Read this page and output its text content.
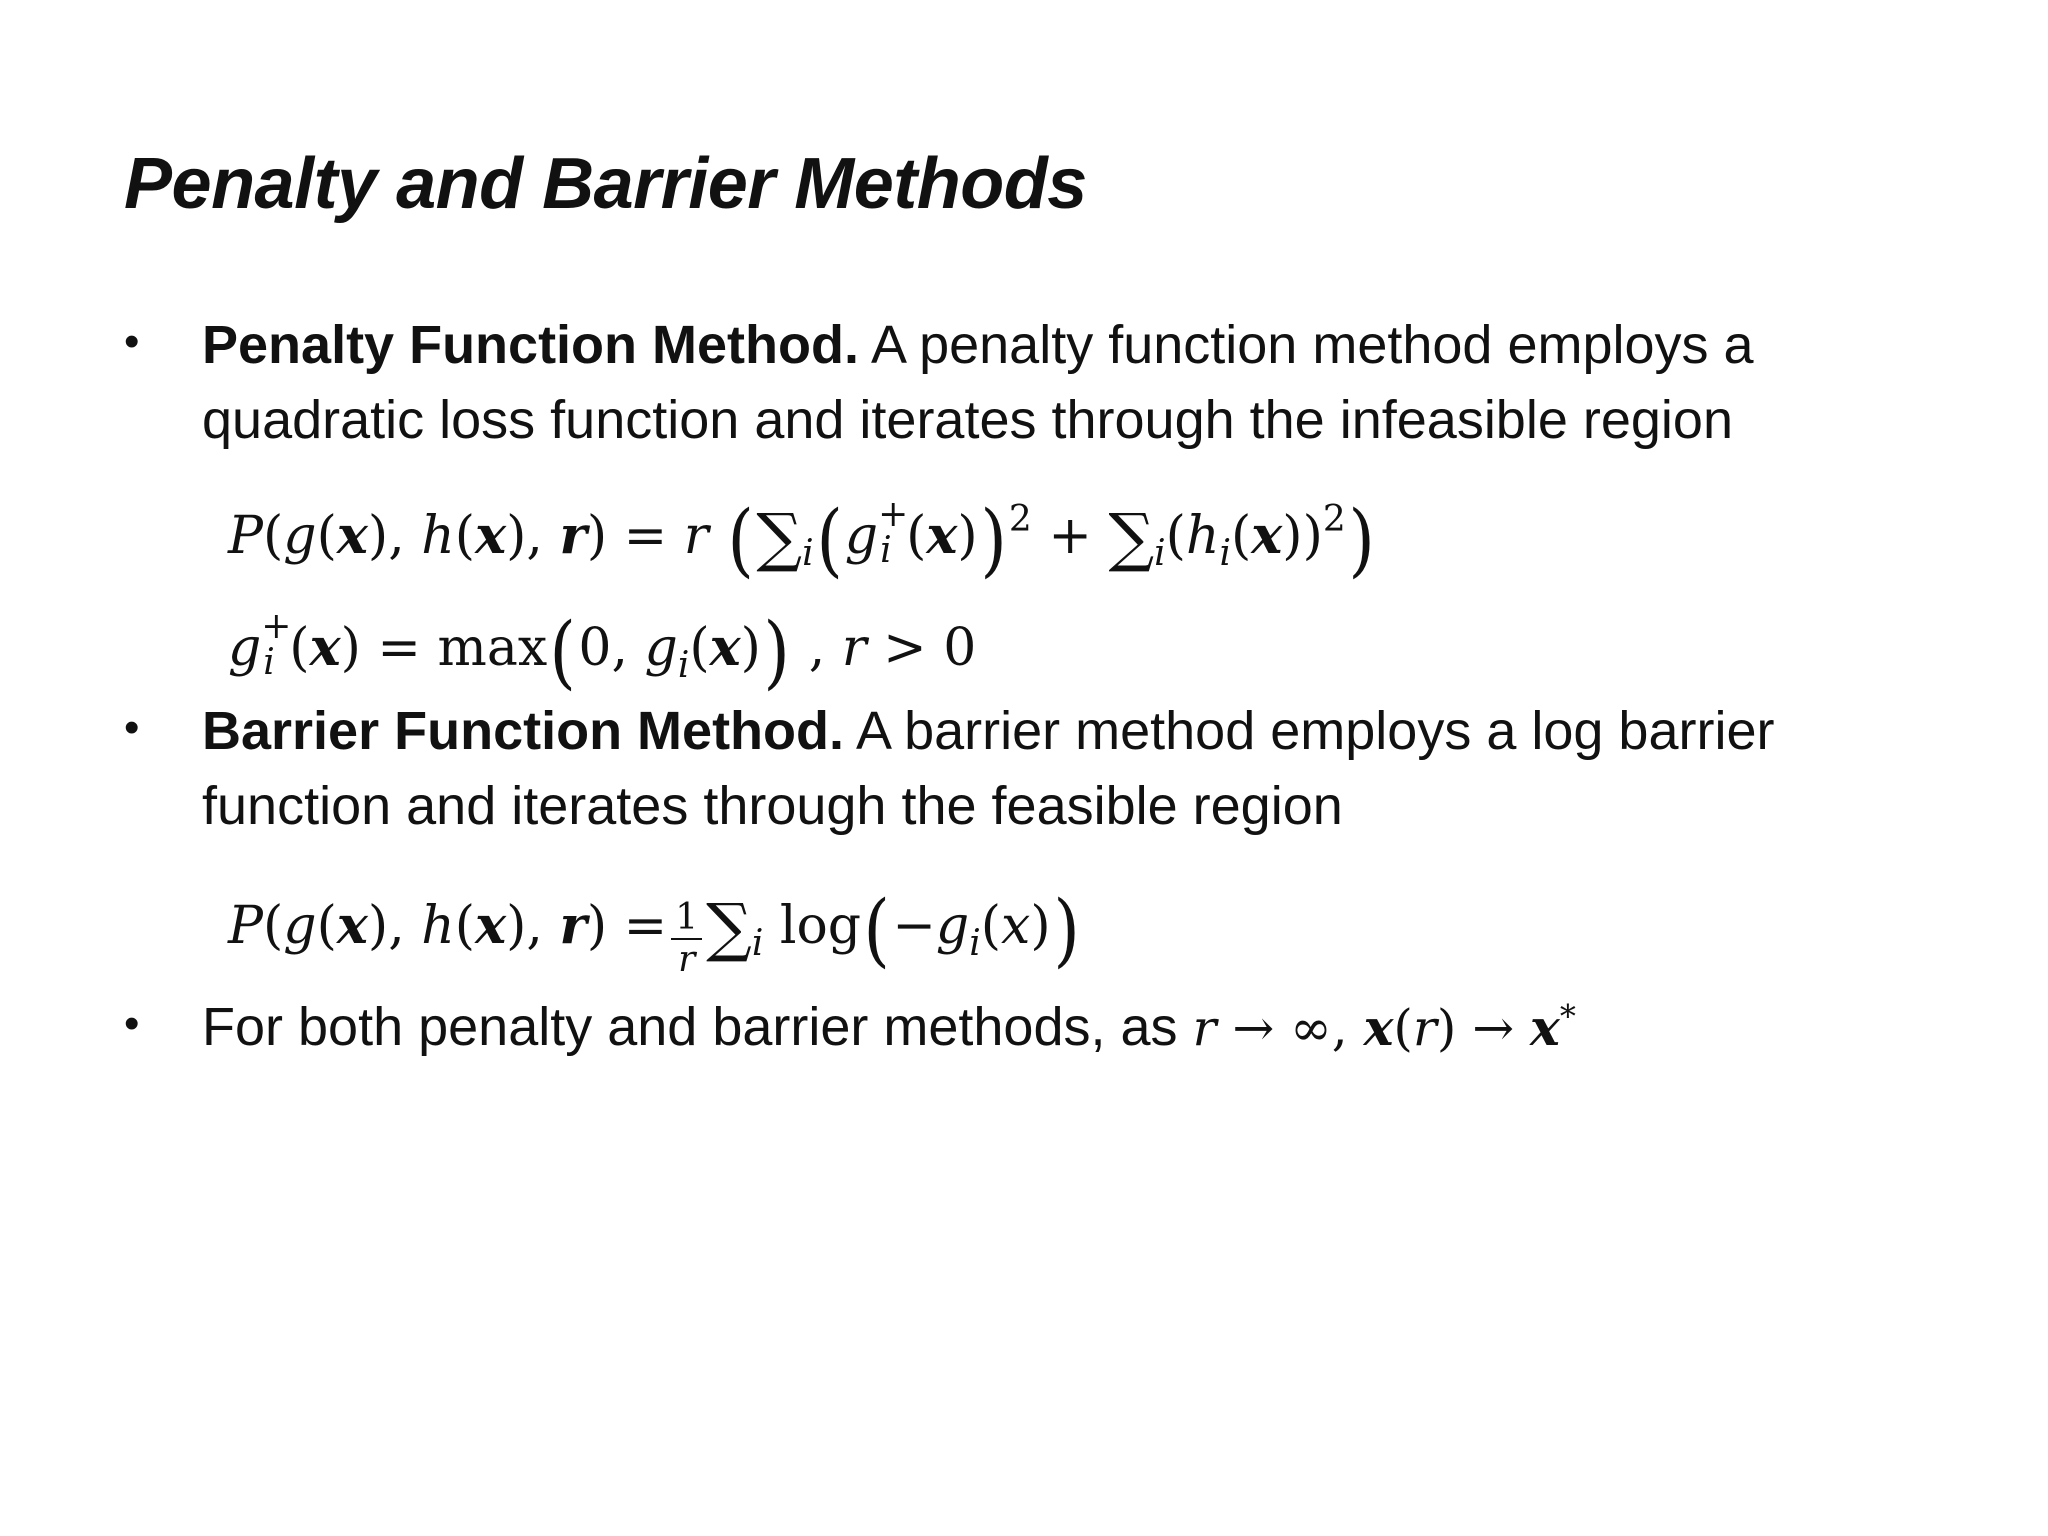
Penalty and Barrier Methods
• Penalty Function Method. A penalty function method employs a
quadratic loss function and iterates through the infeasible region
P(g(x), h(x), r) = r ($\sum_i(g$ +
i $(x))^2 + \sum_i(h_i(x))^2$)
g +
i (x) = max(0, $g_i(x)$) , r > 0
• Barrier Function Method. A barrier method employs a log barrier
function and iterates through the feasible region
P(g(x), h(x), $r) = \frac{1}{r} \sum_i$ $\log(-g_i(x))$
• For both penalty and barrier methods, as r → ∞, x(r) → x*
